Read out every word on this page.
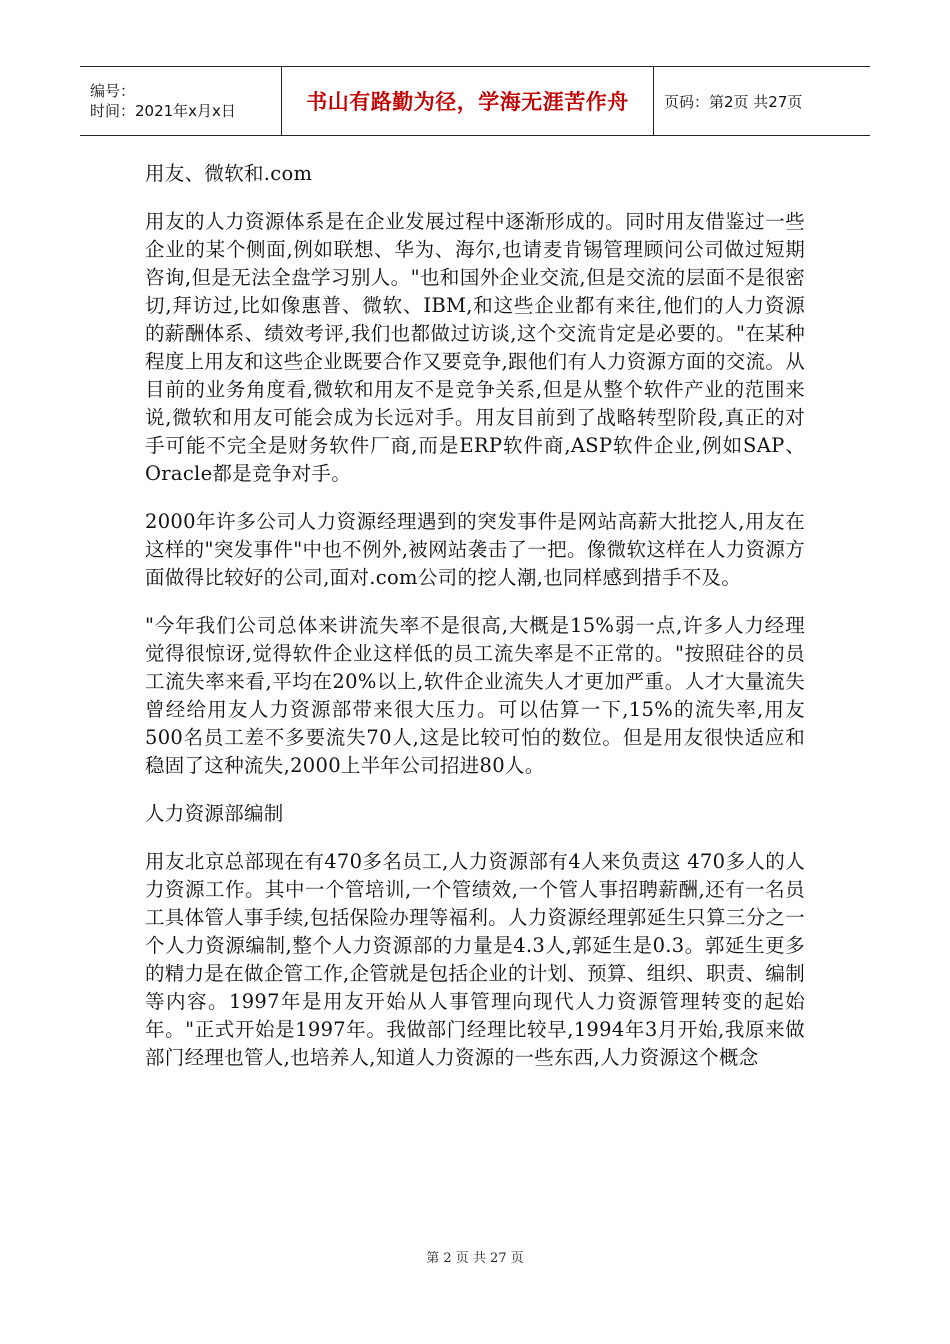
编号：
时间：2021年x月x日	书山有路勤为径，学海无涯苦作舟 页码：第2页 共27页

用友、微软和.com

用友的人力资源体系是在企业发展过程中逐渐形成的。同时用友借鉴过一些企业的某个侧面,例如联想、华为、海尔,也请麦肯锡管理顾问公司做过短期咨询,但是无法全盘学习别人。"也和国外企业交流,但是交流的层面不是很密切,拜访过,比如像惠普、微软、IBM,和这些企业都有来往,他们的人力资源的薪酬体系、绩效考评,我们也都做过访谈,这个交流肯定是必要的。"在某种程度上用友和这些企业既要合作又要竞争,跟他们有人力资源方面的交流。从目前的业务角度看,微软和用友不是竞争关系,但是从整个软件产业的范围来说,微软和用友可能会成为长远对手。用友目前到了战略转型阶段,真正的对手可能不完全是财务软件厂商,而是ERP软件商,ASP软件企业,例如SAP、Oracle都是竞争对手。

2000年许多公司人力资源经理遇到的突发事件是网站高薪大批挖人,用友在这样的"突发事件"中也不例外,被网站袭击了一把。像微软这样在人力资源方面做得比较好的公司,面对.com公司的挖人潮,也同样感到措手不及。

"今年我们公司总体来讲流失率不是很高,大概是15%弱一点,许多人力经理觉得很惊讶,觉得软件企业这样低的员工流失率是不正常的。"按照硅谷的员工流失率来看,平均在20%以上,软件企业流失人才更加严重。人才大量流失曾经给用友人力资源部带来很大压力。可以估算一下,15%的流失率,用友500名员工差不多要流失70人,这是比较可怕的数位。但是用友很快适应和稳固了这种流失,2000上半年公司招进80人。

人力资源部编制

用友北京总部现在有470多名员工,人力资源部有4人来负责这 470多人的人力资源工作。其中一个管培训,一个管绩效,一个管人事招聘薪酬,还有一名员工具体管人事手续,包括保险办理等福利。人力资源经理郭延生只算三分之一个人力资源编制,整个人力资源部的力量是4.3人,郭延生是0.3。郭延生更多的精力是在做企管工作,企管就是包括企业的计划、预算、组织、职责、编制等内容。1997年是用友开始从人事管理向现代人力资源管理转变的起始年。"正式开始是1997年。我做部门经理比较早,1994年3月开始,我原来做部门经理也管人,也培养人,知道人力资源的一些东西,人力资源这个概念

第 2 页 共 27 页
